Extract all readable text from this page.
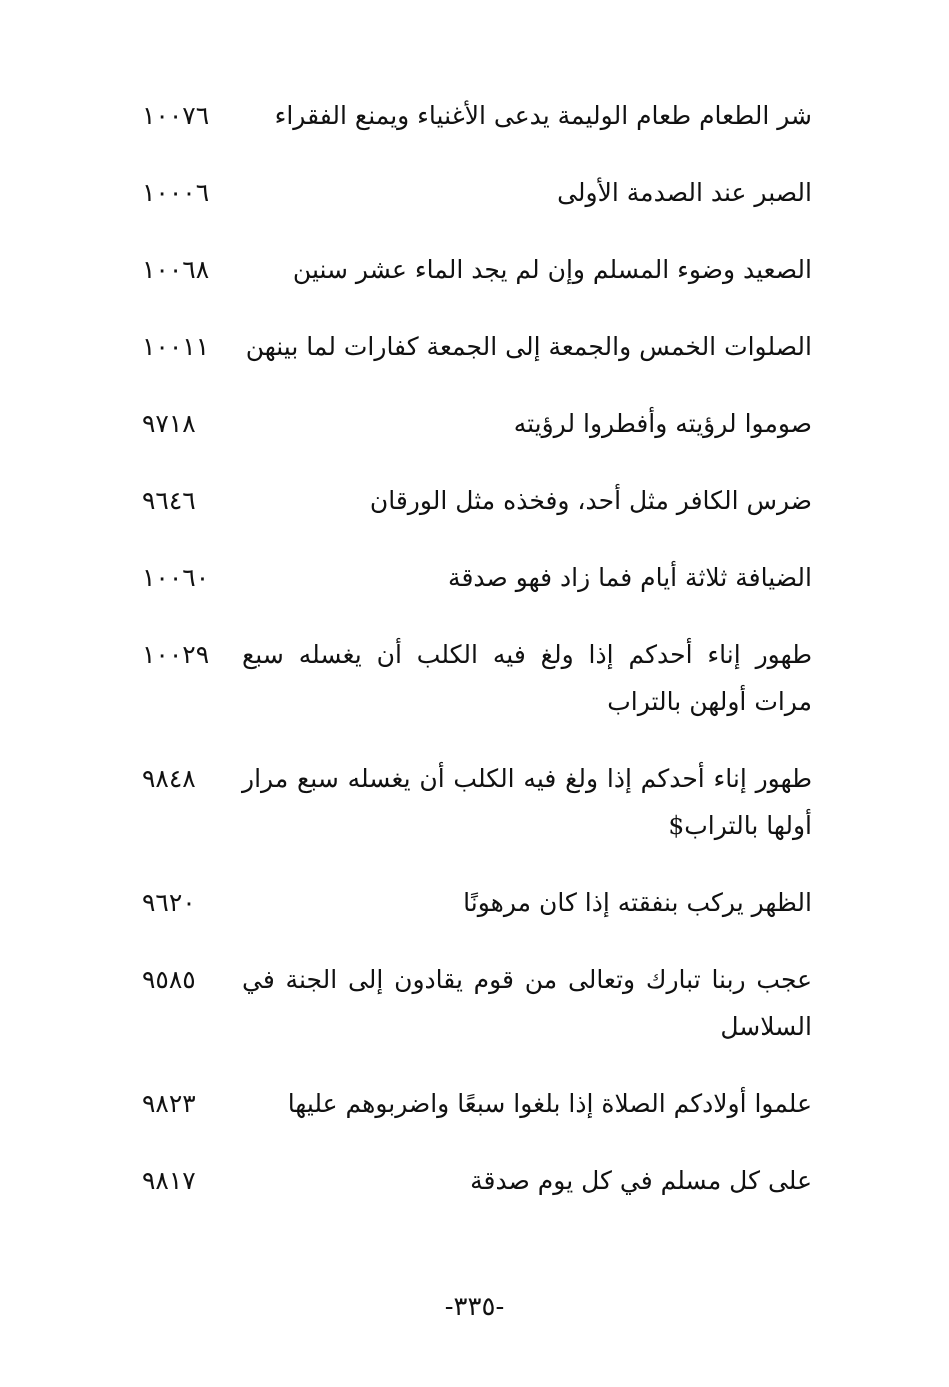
شر الطعام طعام الوليمة يدعى الأغنياء ويمنع الفقراء
١٠٠٧٦
الصبر عند الصدمة الأولى
١٠٠٠٦
الصعيد وضوء المسلم وإن لم يجد الماء عشر سنين
١٠٠٦٨
الصلوات الخمس والجمعة إلى الجمعة كفارات لما بينهن
١٠٠١١
صوموا لرؤيته وأفطروا لرؤيته
٩٧١٨
ضرس الكافر مثل أحد، وفخذه مثل الورقان
٩٦٤٦
الضيافة ثلاثة أيام فما زاد فهو صدقة
١٠٠٦٠
طهور إناء أحدكم إذا ولغ فيه الكلب أن يغسله سبع مرات أولهن بالتراب
١٠٠٢٩
طهور إناء أحدكم إذا ولغ فيه الكلب أن يغسله سبع مرار أولها بالتراب$
٩٨٤٨
الظهر يركب بنفقته إذا كان مرهونًا
٩٦٢٠
عجب ربنا تبارك وتعالى من قوم يقادون إلى الجنة في السلاسل
٩٥٨٥
علموا أولادكم الصلاة إذا بلغوا سبعًا واضربوهم عليها
٩٨٢٣
على كل مسلم في كل يوم صدقة
٩٨١٧
-٣٣٥-
